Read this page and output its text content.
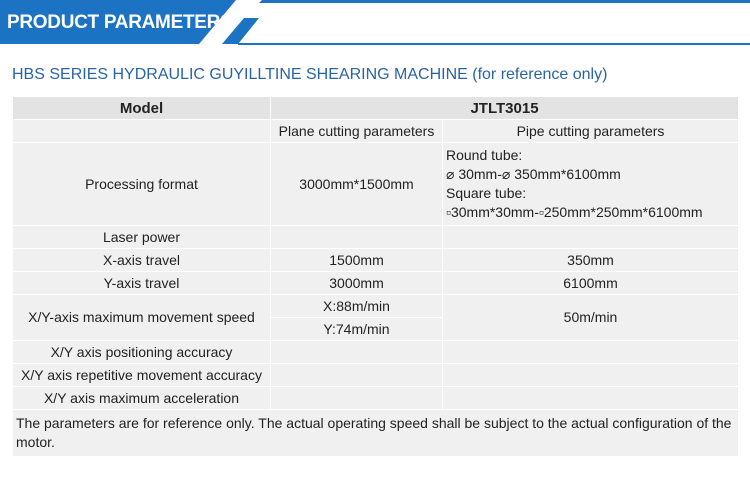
PRODUCT PARAMETERS
HBS SERIES HYDRAULIC GUYILLTINE SHEARING MACHINE (for reference only)
Model	JTLT3015	
	Plane cutting parameters	Pipe cutting parameters
Processing format	3000mm*1500mm	Round tube:
⌀ 30mm-⌀ 350mm*6100mm
Square tube:
▫30mm*30mm-▫250mm*250mm*6100mm

Laser power		
X-axis travel	1500mm	350mm
Y-axis travel	3000mm	6100mm
X/Y-axis maximum movement speed	X:88m/min	50m/min
	Y:74m/min	
X/Y axis positioning accuracy		
X/Y axis repetitive movement accuracy		
X/Y axis maximum acceleration		
The parameters are for reference only. The actual operating speed shall be subject to the actual configuration of the motor.		
